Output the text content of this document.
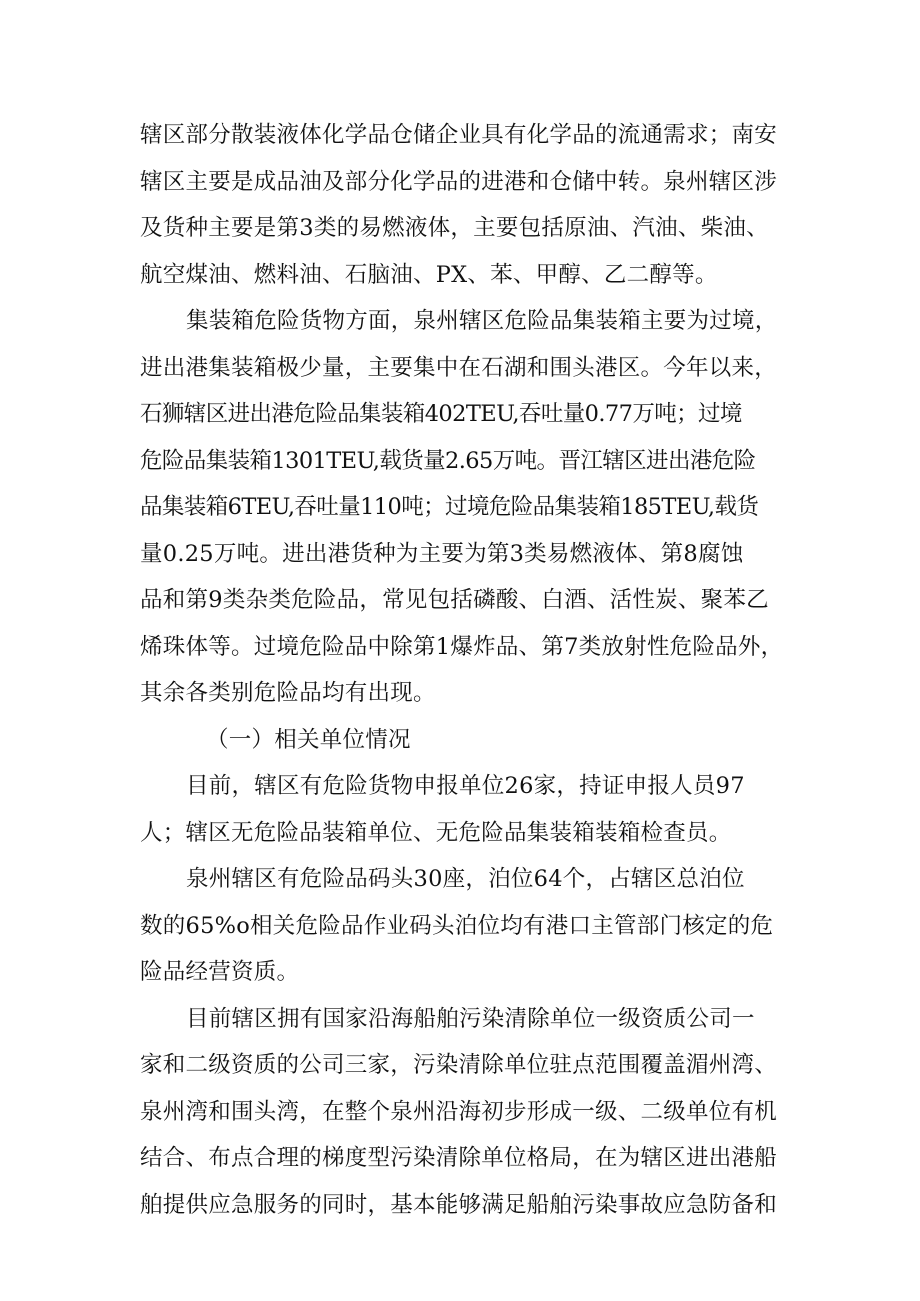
辖区部分散装液体化学品仓储企业具有化学品的流通需求；南安
辖区主要是成品油及部分化学品的进港和仓储中转。泉州辖区涉
及货种主要是第3类的易燃液体，主要包括原油、汽油、柴油、
航空煤油、燃料油、石脑油、PX、苯、甲醇、乙二醇等。
集装箱危险货物方面，泉州辖区危险品集装箱主要为过境，
进出港集装箱极少量，主要集中在石湖和围头港区。今年以来，
石狮辖区进出港危险品集装箱402TEU,吞吐量0.77万吨；过境
危险品集装箱1301TEU,载货量2.65万吨。晋江辖区进出港危险
品集装箱6TEU,吞吐量110吨；过境危险品集装箱185TEU,载货
量0.25万吨。进出港货种为主要为第3类易燃液体、第8腐蚀
品和第9类杂类危险品，常见包括磷酸、白酒、活性炭、聚苯乙
烯珠体等。过境危险品中除第1爆炸品、第7类放射性危险品外，
其余各类别危险品均有出现。
（一）相关单位情况
目前，辖区有危险货物申报单位26家，持证申报人员97
人；辖区无危险品装箱单位、无危险品集装箱装箱检查员。
泉州辖区有危险品码头30座，泊位64个，占辖区总泊位
数的65%o相关危险品作业码头泊位均有港口主管部门核定的危
险品经营资质。
目前辖区拥有国家沿海船舶污染清除单位一级资质公司一
家和二级资质的公司三家，污染清除单位驻点范围覆盖湄州湾、
泉州湾和围头湾，在整个泉州沿海初步形成一级、二级单位有机
结合、布点合理的梯度型污染清除单位格局，在为辖区进出港船
舶提供应急服务的同时，基本能够满足船舶污染事故应急防备和
